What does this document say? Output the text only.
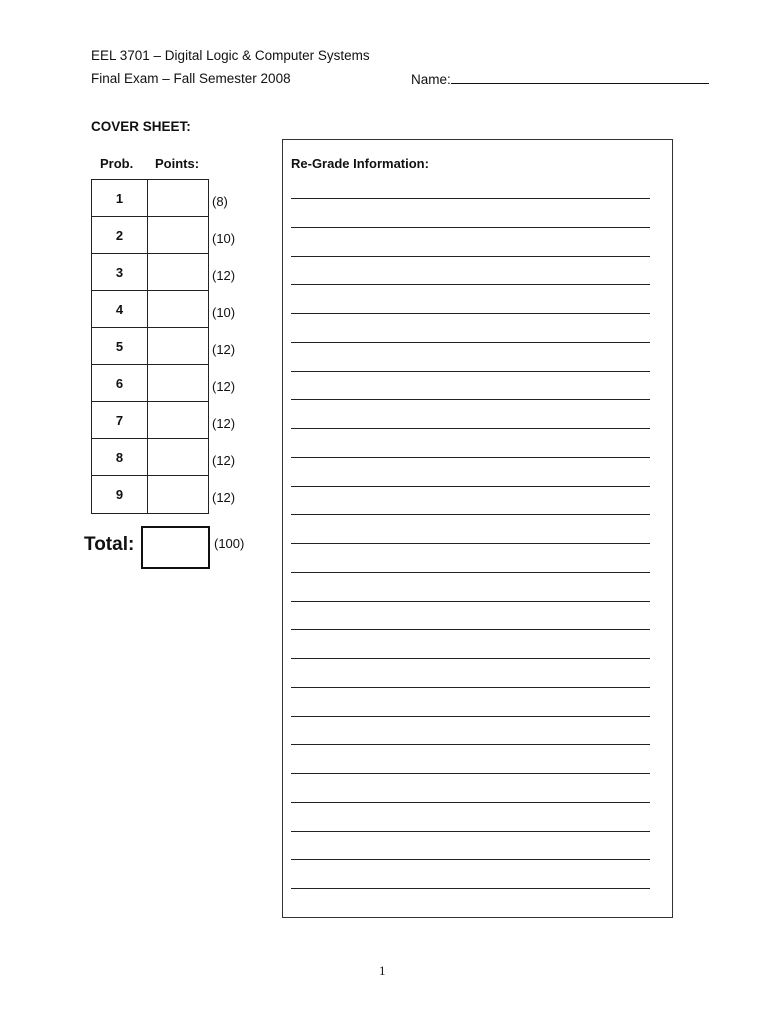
EEL 3701 – Digital Logic & Computer Systems
Final Exam – Fall Semester 2008	Name:
COVER SHEET:
Prob. Points:
1
2
3
4
5
6
7
8
9
(8)
(10)
(12)
(10)
(12)
(12)
(12)
(12)
(12)
Total:	(100)
Re-Grade Information:
1
